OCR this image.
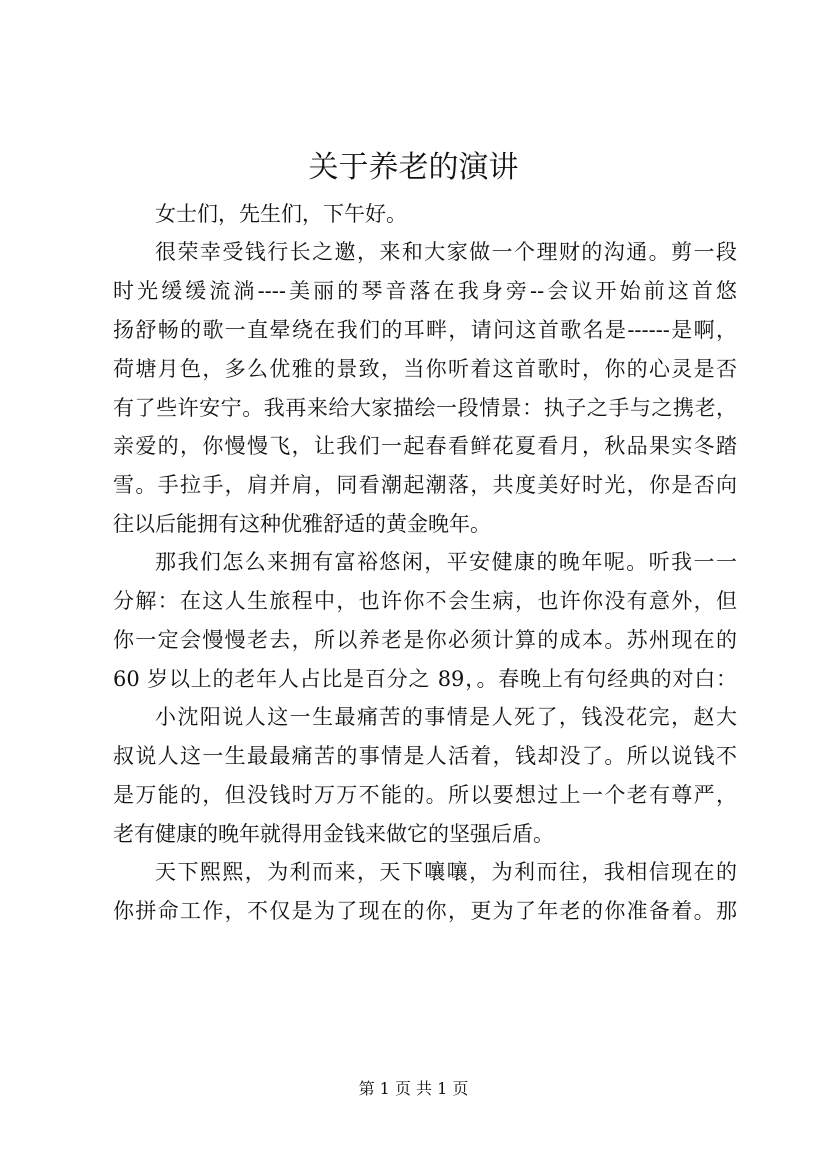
关于养老的演讲
女士们，先生们，下午好。
很荣幸受钱行长之邀，来和大家做一个理财的沟通。剪一段
时光缓缓流淌----美丽的琴音落在我身旁--会议开始前这首悠
扬舒畅的歌一直晕绕在我们的耳畔，请问这首歌名是------是啊，
荷塘月色，多么优雅的景致，当你听着这首歌时，你的心灵是否
有了些许安宁。我再来给大家描绘一段情景：执子之手与之携老，
亲爱的，你慢慢飞，让我们一起春看鲜花夏看月，秋品果实冬踏
雪。手拉手，肩并肩，同看潮起潮落，共度美好时光，你是否向
往以后能拥有这种优雅舒适的黄金晚年。
那我们怎么来拥有富裕悠闲，平安健康的晚年呢。听我一一
分解：在这人生旅程中，也许你不会生病，也许你没有意外，但
你一定会慢慢老去，所以养老是你必须计算的成本。苏州现在的
60 岁以上的老年人占比是百分之 89，。春晚上有句经典的对白：
小沈阳说人这一生最痛苦的事情是人死了，钱没花完，赵大
叔说人这一生最最痛苦的事情是人活着，钱却没了。所以说钱不
是万能的，但没钱时万万不能的。所以要想过上一个老有尊严，
老有健康的晚年就得用金钱来做它的坚强后盾。
天下熙熙，为利而来，天下嚷嚷，为利而往，我相信现在的
你拼命工作，不仅是为了现在的你，更为了年老的你准备着。那
第 1 页 共 1 页
